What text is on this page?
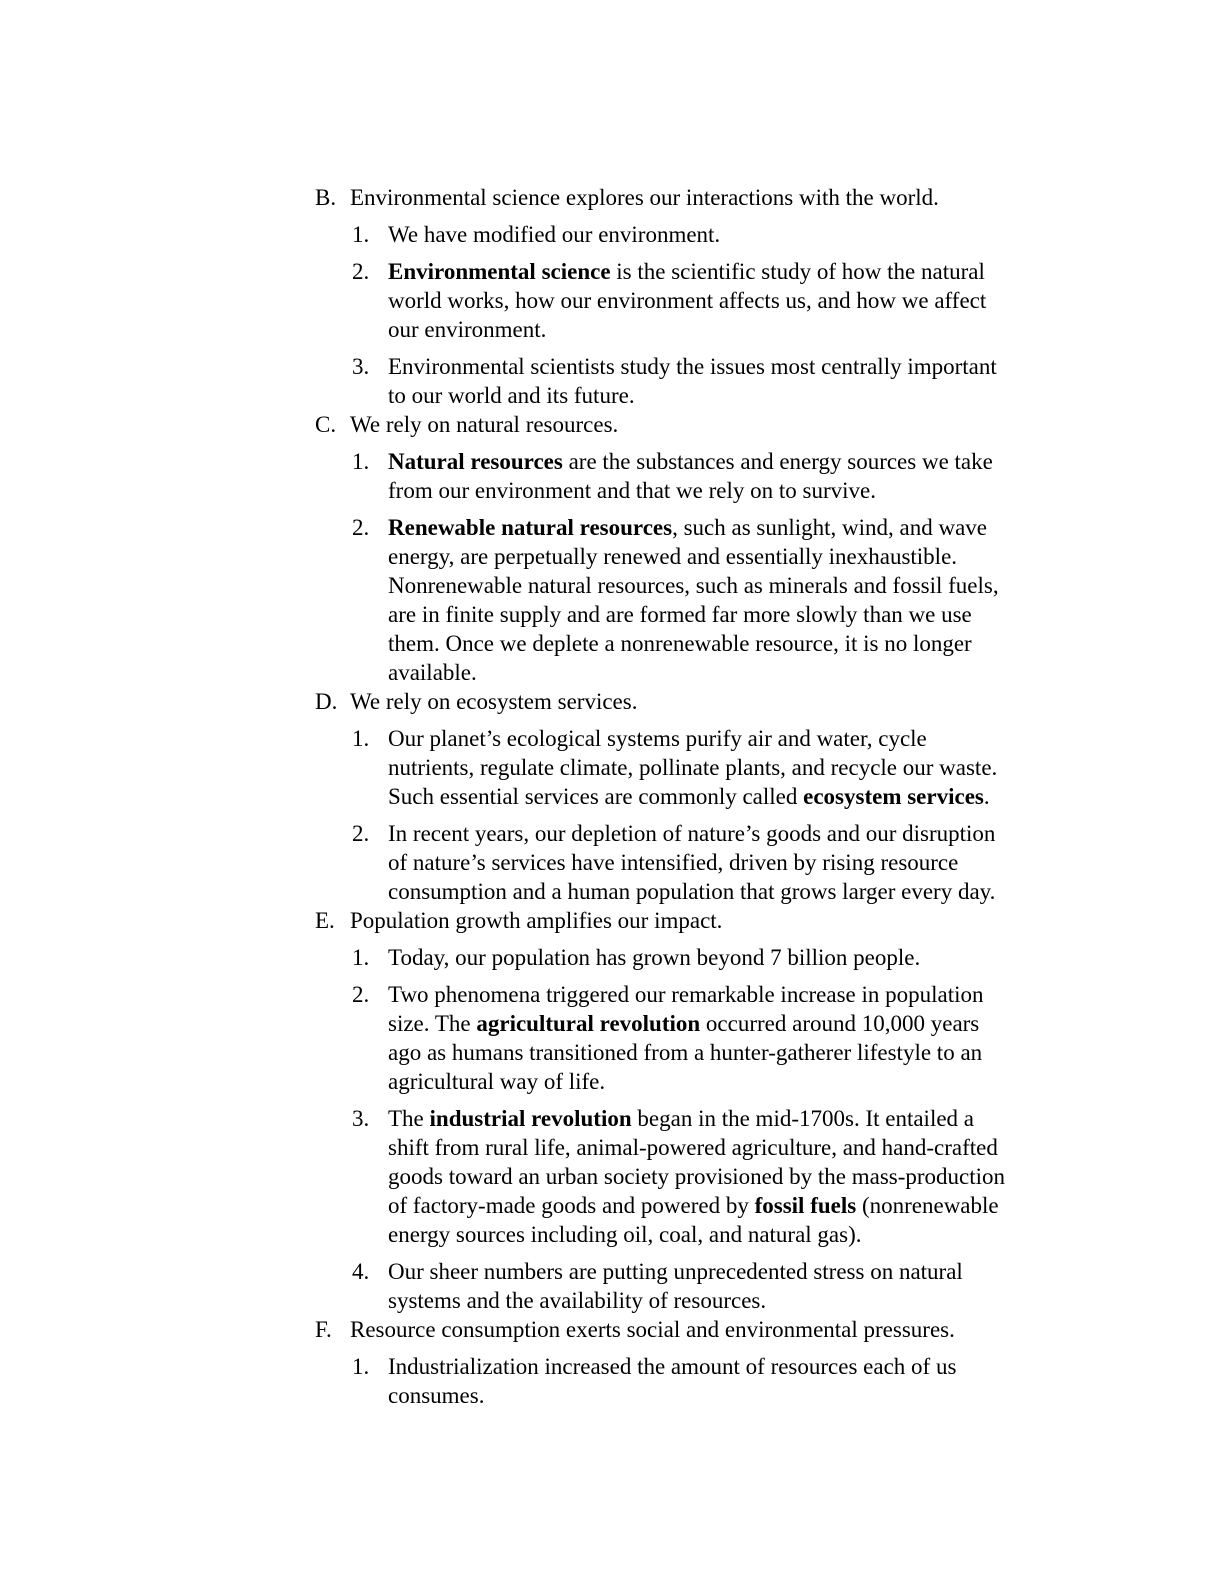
B. Environmental science explores our interactions with the world.
1. We have modified our environment.
2. Environmental science is the scientific study of how the natural world works, how our environment affects us, and how we affect our environment.
3. Environmental scientists study the issues most centrally important to our world and its future.
C. We rely on natural resources.
1. Natural resources are the substances and energy sources we take from our environment and that we rely on to survive.
2. Renewable natural resources, such as sunlight, wind, and wave energy, are perpetually renewed and essentially inexhaustible. Nonrenewable natural resources, such as minerals and fossil fuels, are in finite supply and are formed far more slowly than we use them. Once we deplete a nonrenewable resource, it is no longer available.
D. We rely on ecosystem services.
1. Our planet’s ecological systems purify air and water, cycle nutrients, regulate climate, pollinate plants, and recycle our waste. Such essential services are commonly called ecosystem services.
2. In recent years, our depletion of nature’s goods and our disruption of nature’s services have intensified, driven by rising resource consumption and a human population that grows larger every day.
E. Population growth amplifies our impact.
1. Today, our population has grown beyond 7 billion people.
2. Two phenomena triggered our remarkable increase in population size. The agricultural revolution occurred around 10,000 years ago as humans transitioned from a hunter-gatherer lifestyle to an agricultural way of life.
3. The industrial revolution began in the mid-1700s. It entailed a shift from rural life, animal-powered agriculture, and hand-crafted goods toward an urban society provisioned by the mass-production of factory-made goods and powered by fossil fuels (nonrenewable energy sources including oil, coal, and natural gas).
4. Our sheer numbers are putting unprecedented stress on natural systems and the availability of resources.
F. Resource consumption exerts social and environmental pressures.
1. Industrialization increased the amount of resources each of us consumes.
